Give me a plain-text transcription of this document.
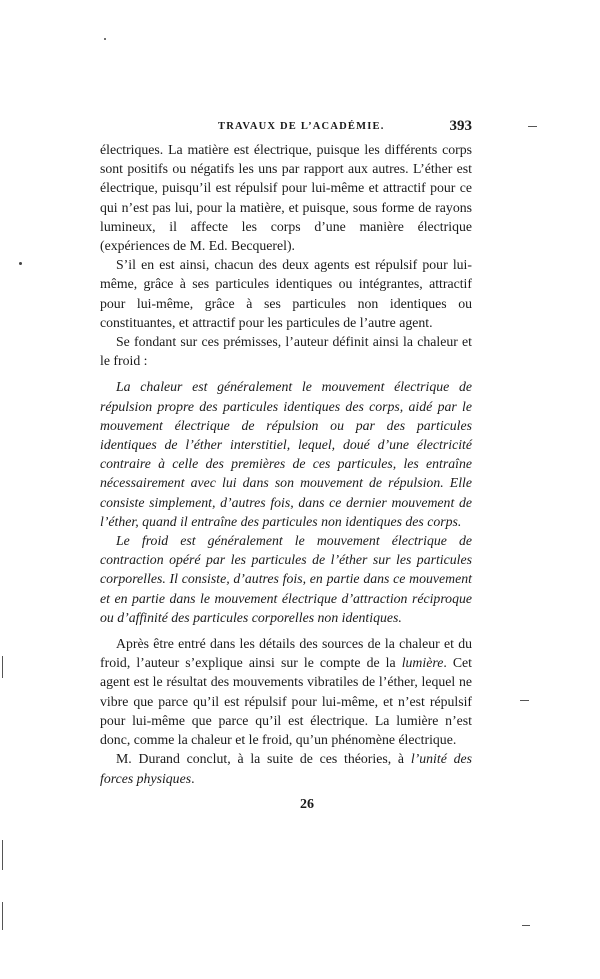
TRAVAUX DE L’ACADÉMIE.	393

électriques. La matière est électrique, puisque les différents corps sont positifs ou négatifs les uns par rapport aux autres. L’éther est électrique, puisqu’il est répulsif pour lui-même et attractif pour ce qui n’est pas lui, pour la matière, et puisque, sous forme de rayons lumineux, il affecte les corps d’une manière électrique (expériences de M. Ed. Becquerel).

S’il en est ainsi, chacun des deux agents est répulsif pour lui-même, grâce à ses particules identiques ou intégrantes, attractif pour lui-même, grâce à ses particules non identiques ou constituantes, et attractif pour les particules de l’autre agent.

Se fondant sur ces prémisses, l’auteur définit ainsi la chaleur et le froid :

La chaleur est généralement le mouvement électrique de répulsion propre des particules identiques des corps, aidé par le mouvement électrique de répulsion ou par des particules identiques de l’éther interstitiel, lequel, doué d’une électricité contraire à celle des premières de ces particules, les entraîne nécessairement avec lui dans son mouvement de répulsion. Elle consiste simplement, d’autres fois, dans ce dernier mouvement de l’éther, quand il entraîne des particules non identiques des corps.

Le froid est généralement le mouvement électrique de contraction opéré par les particules de l’éther sur les particules corporelles. Il consiste, d’autres fois, en partie dans ce mouvement et en partie dans le mouvement électrique d’attraction réciproque ou d’affinité des particules corporelles non identiques.

Après être entré dans les détails des sources de la chaleur et du froid, l’auteur s’explique ainsi sur le compte de la lumière. Cet agent est le résultat des mouvements vibratiles de l’éther, lequel ne vibre que parce qu’il est répulsif pour lui-même, et n’est répulsif pour lui-même que parce qu’il est électrique. La lumière n’est donc, comme la chaleur et le froid, qu’un phénomène électrique.

M. Durand conclut, à la suite de ces théories, à l’unité des forces physiques.

26
